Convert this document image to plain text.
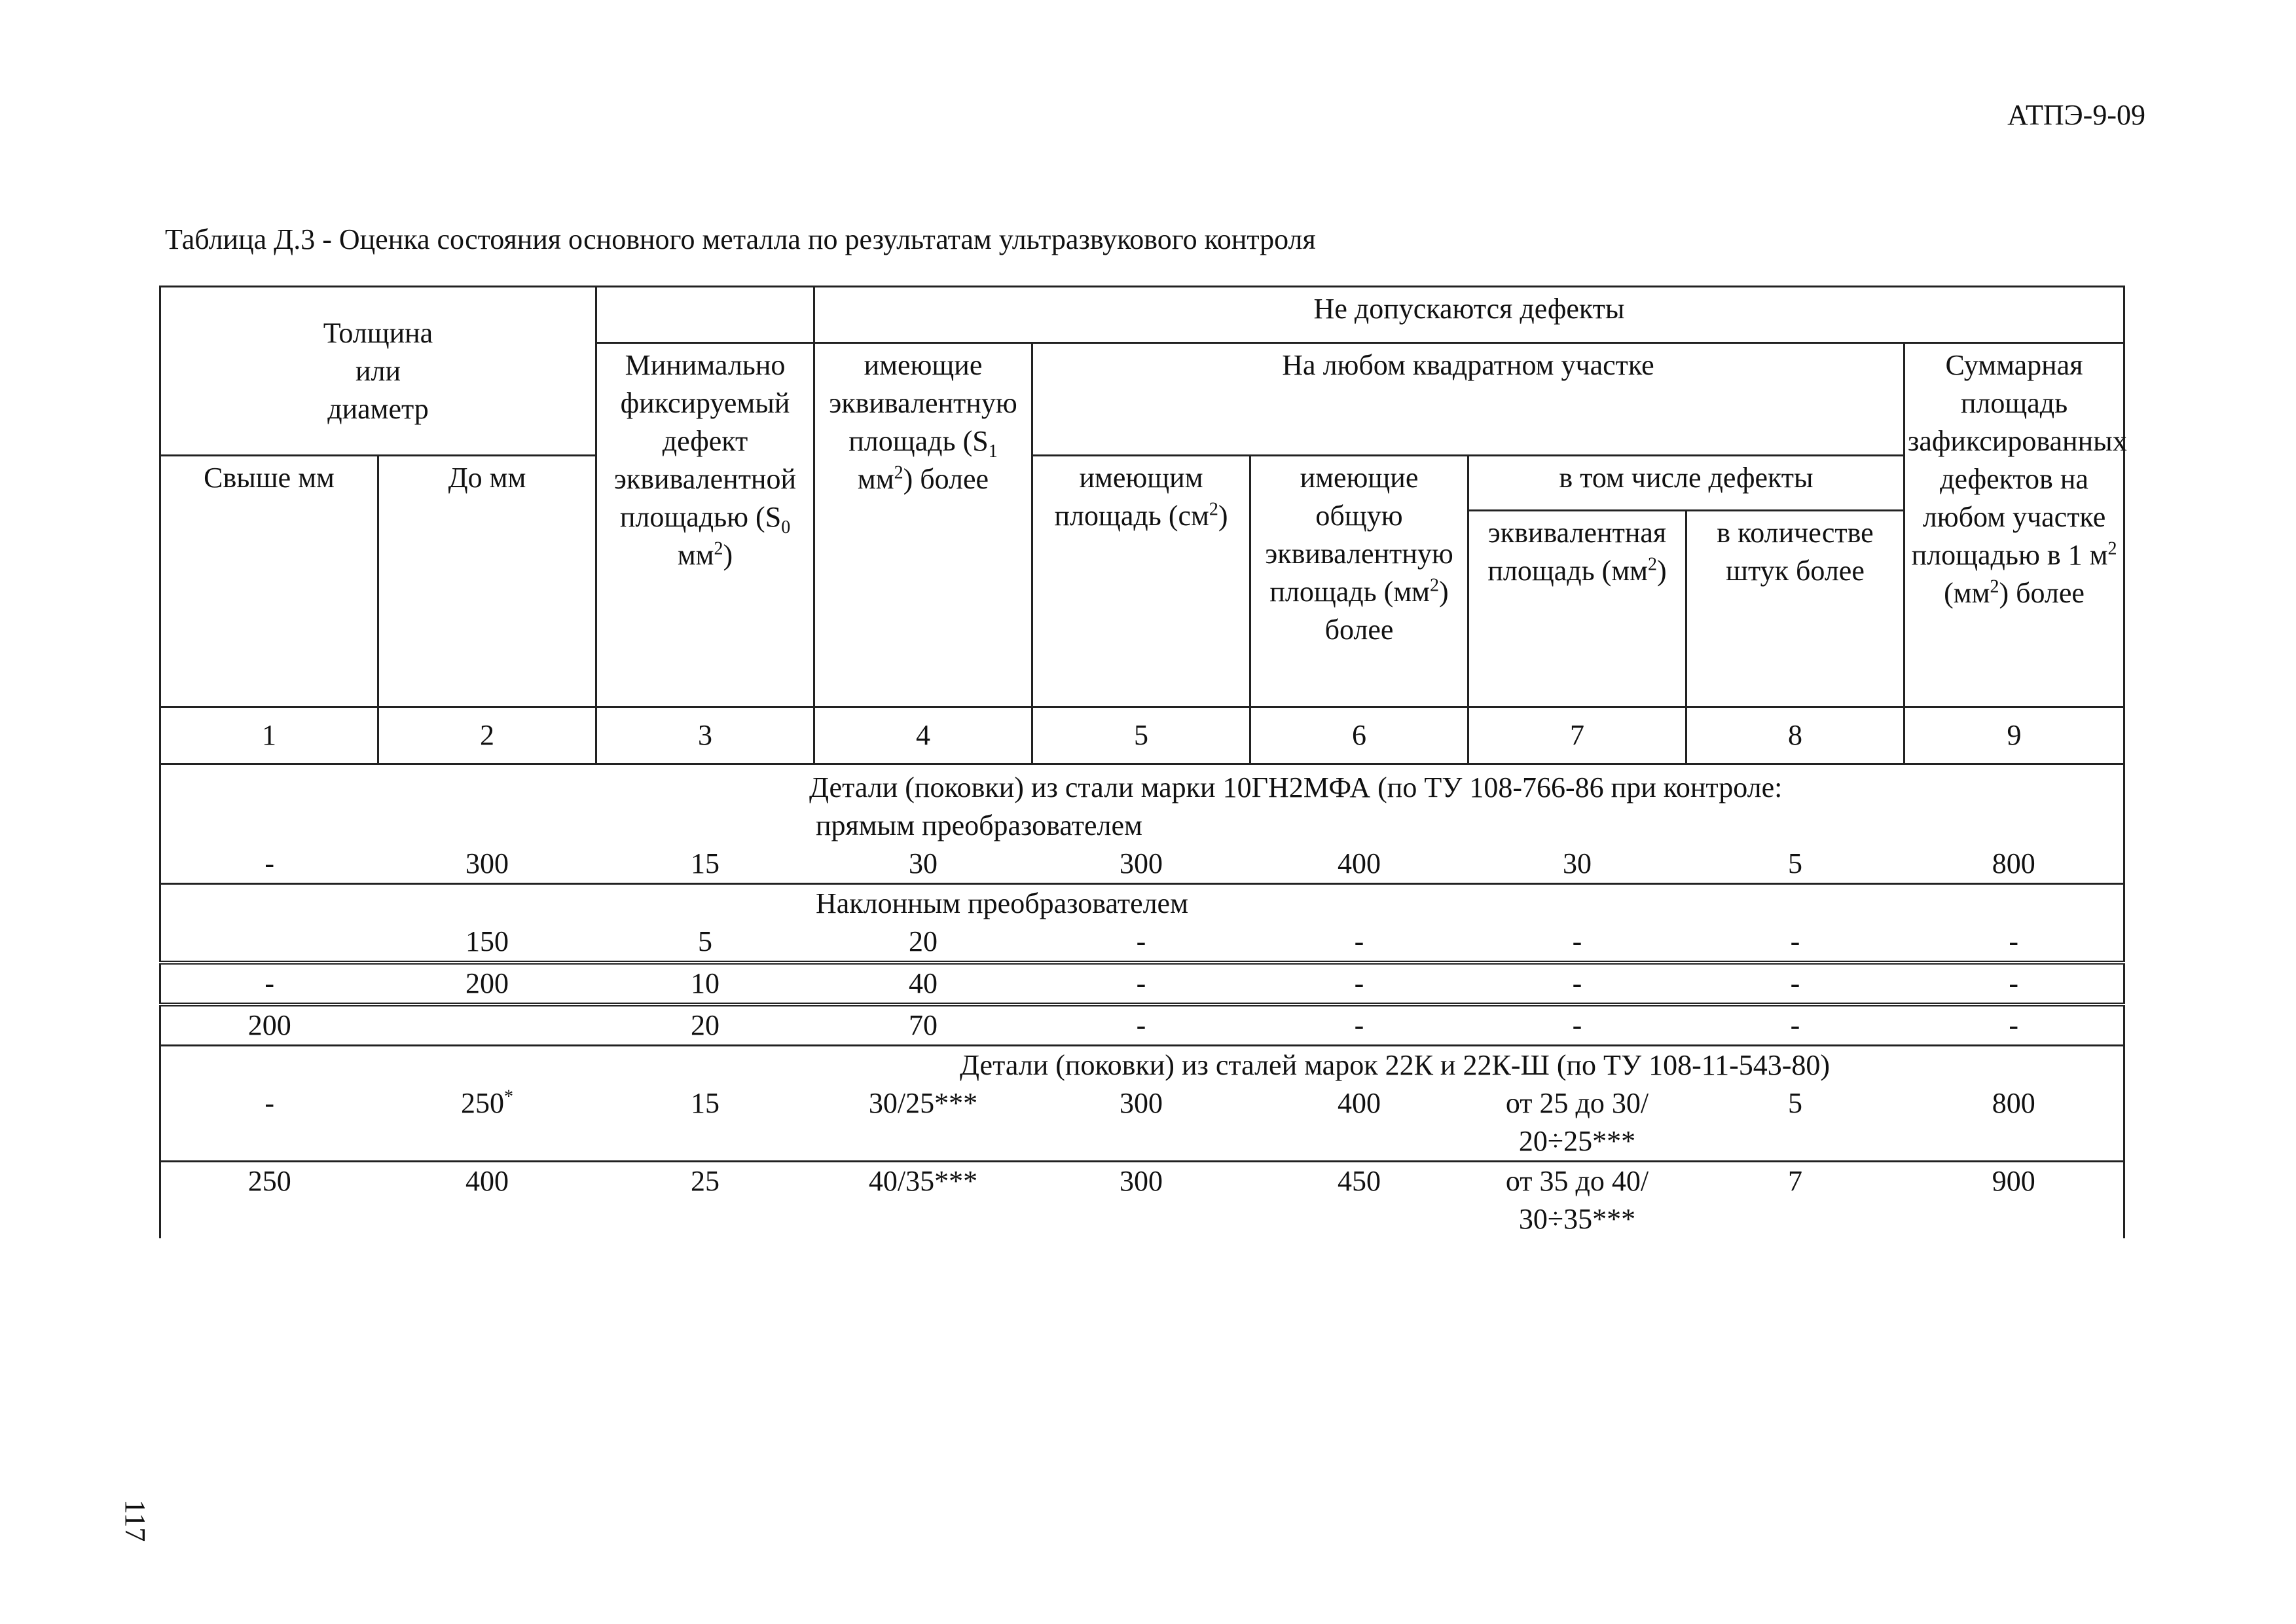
АТПЭ-9-09
Таблица Д.3 - Оценка состояния основного металла по результатам ультразвукового контроля
117
Толщина или диаметр			Не допускаются дефекты					
		Минимально фиксируемый дефект эквивалентной площадью ($S_0$ $мм^2$)	имеющие эквивалентную площадь ($S_1$ $мм^2$) более	На любом квадратном участке				Суммарная площадь зафиксированных дефектов на любом участке площадью в 1 $м^2$ $(мм^2)$ более
Свыше мм	До мм			имеющим площадь $(см^2)$	имеющие общую эквивалентную площадь $(мм^2)$ более	в том числе дефекты		
						эквивалентная площадь $(мм^2)$	в количестве штук более	

1	2	3	4	5	6	7	8	9

Детали (поковки) из стали марки 10ГН2МФА (по ТУ 108-766-86 при контроле:
прямым преобразователем								

-	300	15	30	300	400	30	5	800

Наклонным преобразователем								

	150	5	20	-	-	-	-	-
-	200	10	40	-	-	-	-	-
200		20	70	-	-	-	-	-

Детали (поковки) из сталей марок 22К и 22К-Ш (по ТУ 108-11-543-80)								

-	250*	15	30/25***	300	400	от 25 до 30/	5	800
						20÷25***		
250	400	25	40/35***	300	450	от 35 до 40/	7	900
						30÷35***		
